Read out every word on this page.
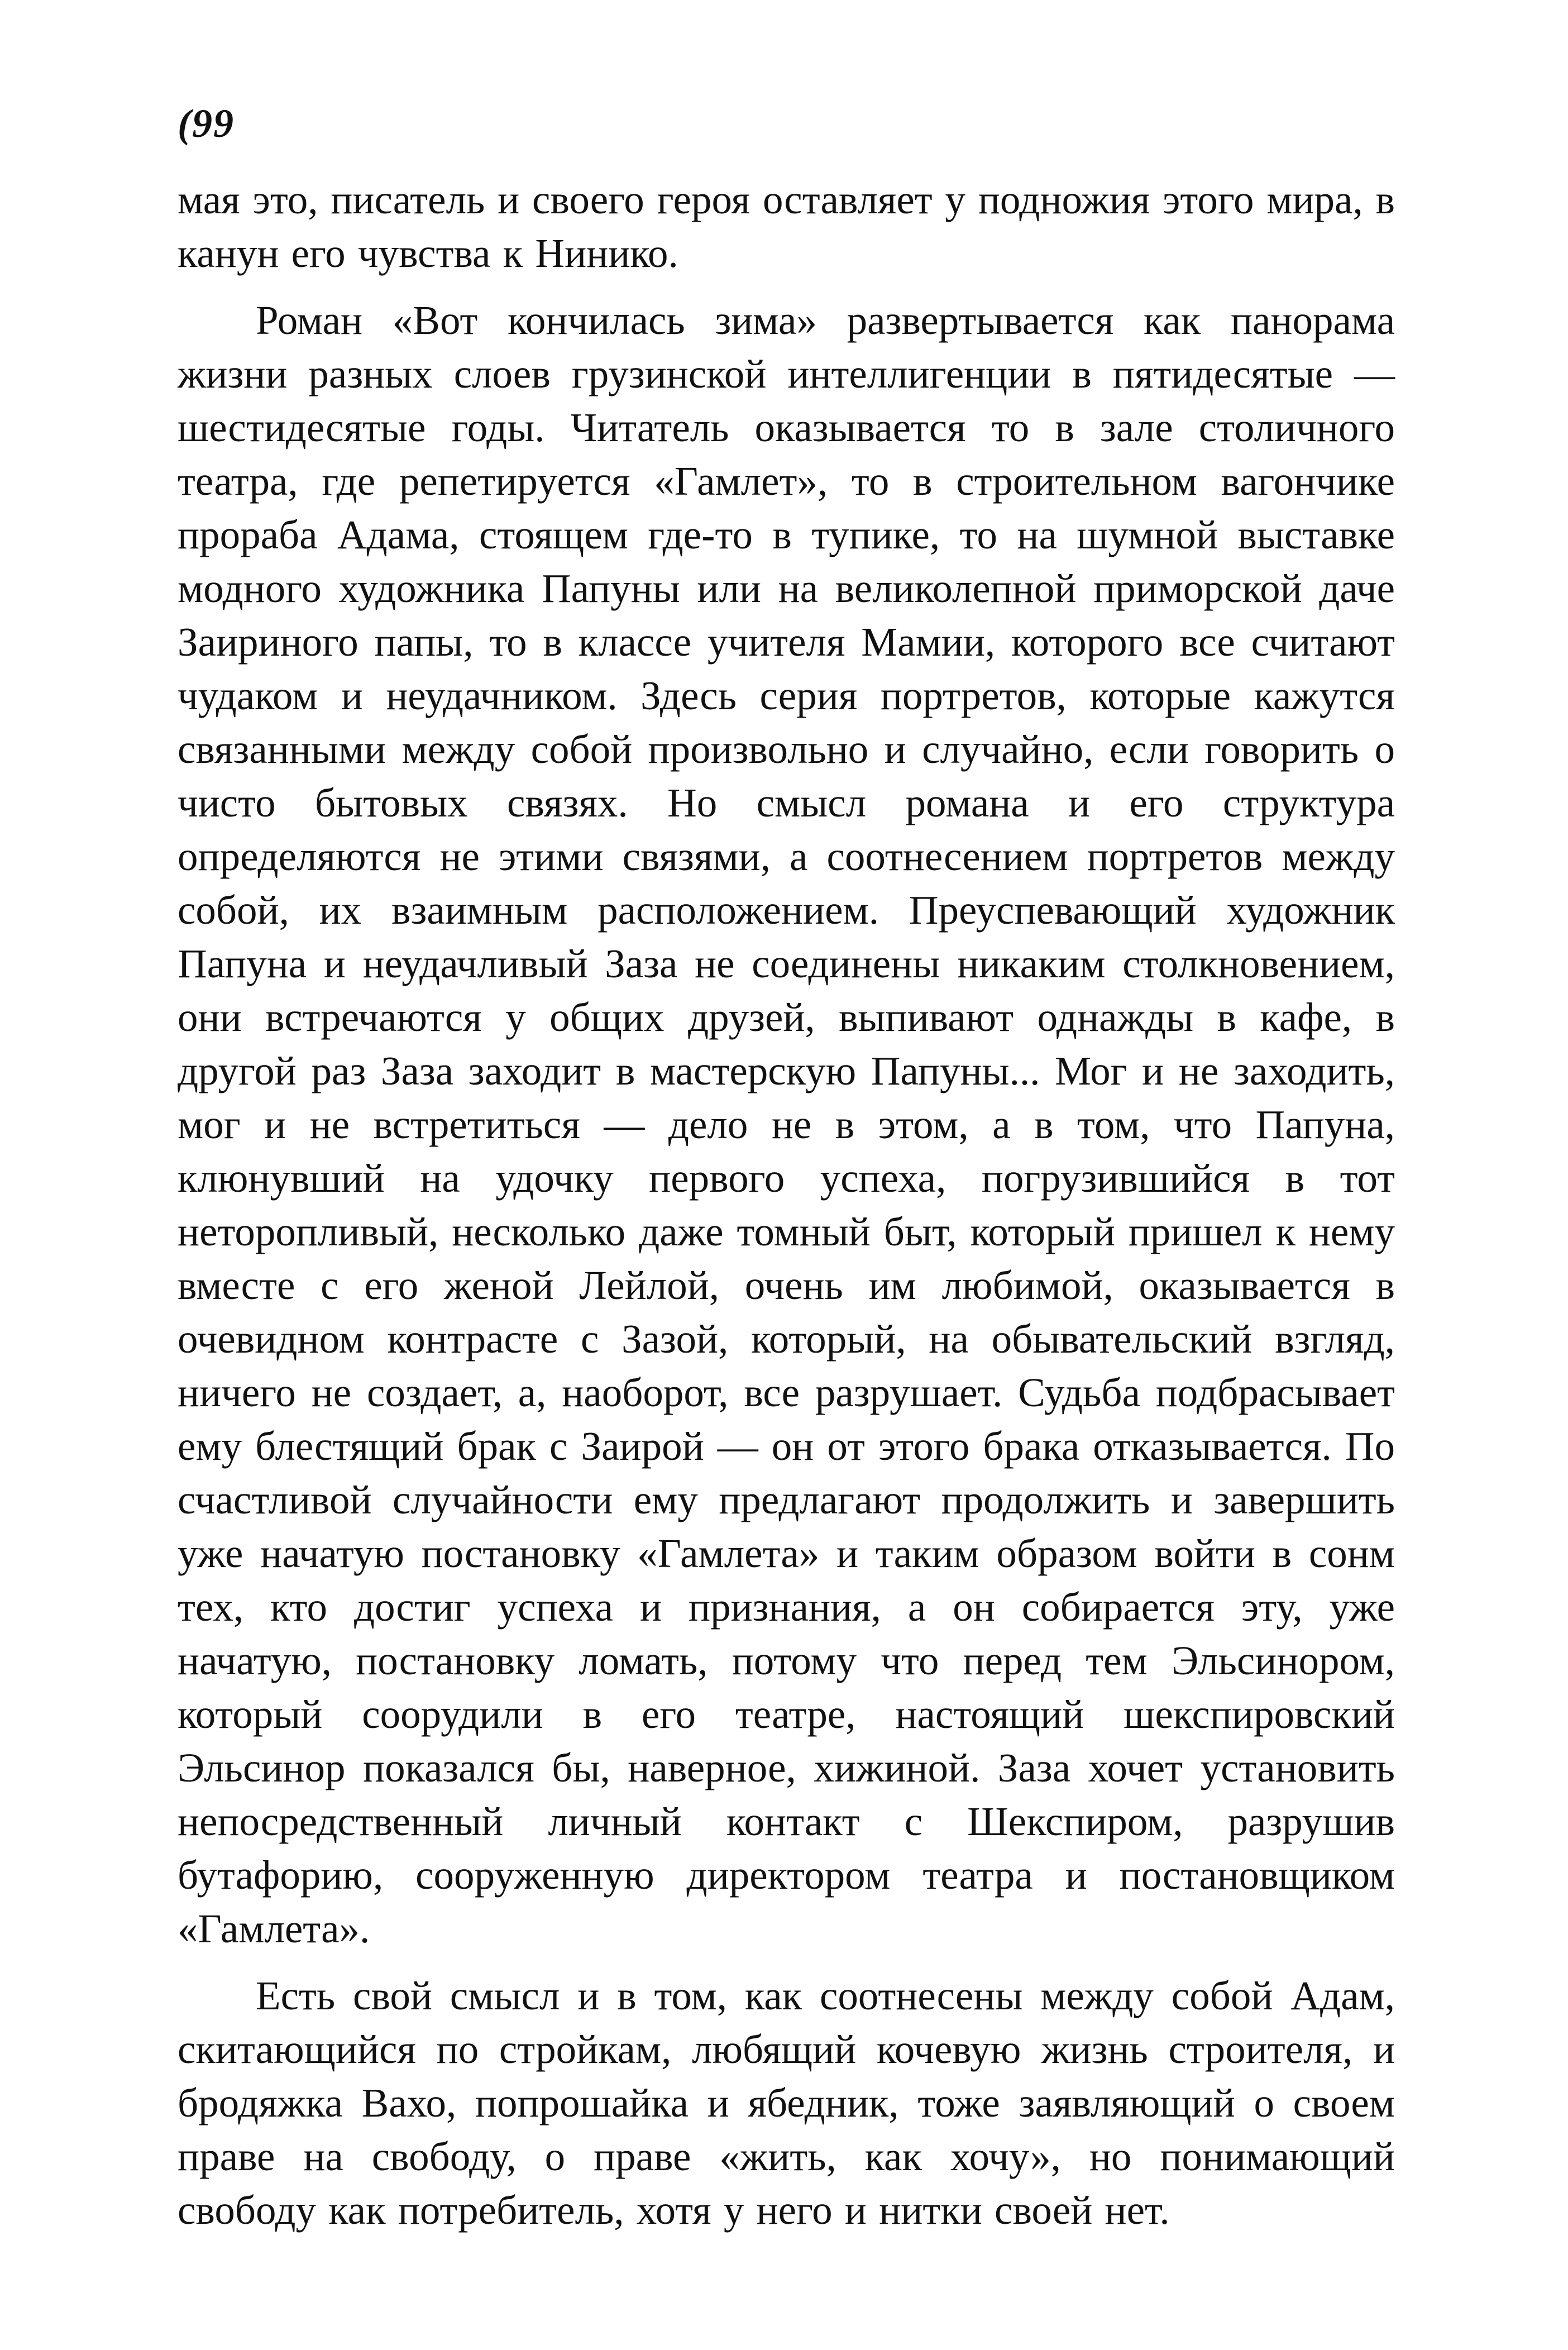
(99

мая это, писатель и своего героя оставляет у подножия этого мира, в канун его чувства к Нинико.

Роман «Вот кончилась зима» развертывается как панорама жизни разных слоев грузинской интеллигенции в пятидесятые — шестидесятые годы. Читатель оказывается то в зале столичного театра, где репетируется «Гамлет», то в строительном вагончике прораба Адама, стоящем где-то в тупике, то на шумной выставке модного художника Папуны или на великолепной приморской даче Заириного папы, то в классе учителя Мамии, которого все считают чудаком и неудачником. Здесь серия портретов, которые кажутся связанными между собой произвольно и случайно, если говорить о чисто бытовых связях. Но смысл романа и его структура определяются не этими связями, а соотнесением портретов между собой, их взаимным расположением. Преуспевающий художник Папуна и неудачливый Заза не соединены никаким столкновением, они встречаются у общих друзей, выпивают однажды в кафе, в другой раз Заза заходит в мастерскую Папуны... Мог и не заходить, мог и не встретиться — дело не в этом, а в том, что Папуна, клюнувший на удочку первого успеха, погрузившийся в тот неторопливый, несколько даже томный быт, который пришел к нему вместе с его женой Лейлой, очень им любимой, оказывается в очевидном контрасте с Зазой, который, на обывательский взгляд, ничего не создает, а, наоборот, все разрушает. Судьба подбрасывает ему блестящий брак с Заирой — он от этого брака отказывается. По счастливой случайности ему предлагают продолжить и завершить уже начатую постановку «Гамлета» и таким образом войти в сонм тех, кто достиг успеха и признания, а он собирается эту, уже начатую, постановку ломать, потому что перед тем Эльсинором, который соорудили в его театре, настоящий шекспировский Эльсинор показался бы, наверное, хижиной. Заза хочет установить непосредственный личный контакт с Шекспиром, разрушив бутафорию, сооруженную директором театра и постановщиком «Гамлета».

Есть свой смысл и в том, как соотнесены между собой Адам, скитающийся по стройкам, любящий кочевую жизнь строителя, и бродяжка Вахо, попрошайка и ябедник, тоже заявляющий о своем праве на свободу, о праве «жить, как хочу», но понимающий свободу как потребитель, хотя у него и нитки своей нет.
